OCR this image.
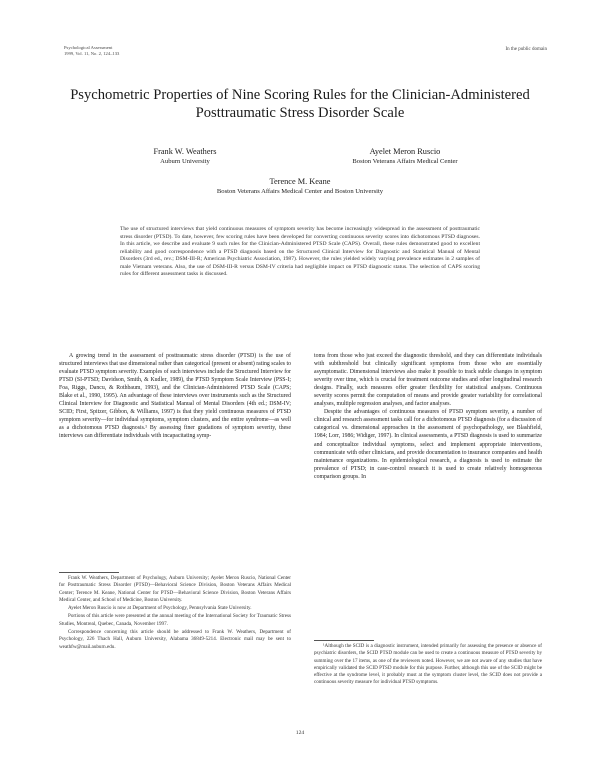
Psychological Assessment
1999, Vol. 11, No. 2, 124–133
In the public domain
Psychometric Properties of Nine Scoring Rules for the Clinician-Administered Posttraumatic Stress Disorder Scale
Frank W. Weathers
Auburn University
Ayelet Meron Ruscio
Boston Veterans Affairs Medical Center
Terence M. Keane
Boston Veterans Affairs Medical Center and Boston University
The use of structured interviews that yield continuous measures of symptom severity has become increasingly widespread in the assessment of posttraumatic stress disorder (PTSD). To date, however, few scoring rules have been developed for converting continuous severity scores into dichotomous PTSD diagnoses. In this article, we describe and evaluate 9 such rules for the Clinician-Administered PTSD Scale (CAPS). Overall, these rules demonstrated good to excellent reliability and good correspondence with a PTSD diagnosis based on the Structured Clinical Interview for Diagnostic and Statistical Manual of Mental Disorders (3rd ed., rev.; DSM-III-R; American Psychiatric Association, 1987). However, the rules yielded widely varying prevalence estimates in 2 samples of male Vietnam veterans. Also, the use of DSM-III-R versus DSM-IV criteria had negligible impact on PTSD diagnostic status. The selection of CAPS scoring rules for different assessment tasks is discussed.

A growing trend in the assessment of posttraumatic stress disorder (PTSD) is the use of structured interviews that use dimensional rather than categorical (present or absent) rating scales to evaluate PTSD symptom severity. Examples of such interviews include the Structured Interview for PTSD (SI-PTSD; Davidson, Smith, & Kudler, 1989), the PTSD Symptom Scale Interview (PSS-I; Foa, Riggs, Dancu, & Rothbaum, 1993), and the Clinician-Administered PTSD Scale (CAPS; Blake et al., 1990, 1995). An advantage of these interviews over instruments such as the Structured Clinical Interview for Diagnostic and Statistical Manual of Mental Disorders (4th ed.; DSM-IV; SCID; First, Spitzer, Gibbon, & Williams, 1997) is that they yield continuous measures of PTSD symptom severity—for individual symptoms, symptom clusters, and the entire syndrome—as well as a dichotomous PTSD diagnosis.¹ By assessing finer gradations of symptom severity, these interviews can differentiate individuals with incapacitating symp-

toms from those who just exceed the diagnostic threshold, and they can differentiate individuals with subthreshold but clinically significant symptoms from those who are essentially asymptomatic. Dimensional interviews also make it possible to track subtle changes in symptom severity over time, which is crucial for treatment outcome studies and other longitudinal research designs. Finally, such measures offer greater flexibility for statistical analyses. Continuous severity scores permit the computation of means and provide greater variability for correlational analyses, multiple regression analyses, and factor analyses.

Despite the advantages of continuous measures of PTSD symptom severity, a number of clinical and research assessment tasks call for a dichotomous PTSD diagnosis (for a discussion of categorical vs. dimensional approaches in the assessment of psychopathology, see Blashfield, 1984; Lorr, 1986; Widiger, 1997). In clinical assessments, a PTSD diagnosis is used to summarize and conceptualize individual symptoms, select and implement appropriate interventions, communicate with other clinicians, and provide documentation to insurance companies and health maintenance organizations. In epidemiological research, a diagnosis is used to estimate the prevalence of PTSD; in case-control research it is used to create relatively homogeneous comparison groups. In

Frank W. Weathers, Department of Psychology, Auburn University; Ayelet Meron Ruscio, National Center for Posttraumatic Stress Disorder (PTSD)—Behavioral Science Division, Boston Veterans Affairs Medical Center; Terence M. Keane, National Center for PTSD—Behavioral Science Division, Boston Veterans Affairs Medical Center, and School of Medicine, Boston University.

Ayelet Meron Ruscio is now at Department of Psychology, Pennsylvania State University.

Portions of this article were presented at the annual meeting of the International Society for Traumatic Stress Studies, Montreal, Quebec, Canada, November 1997.

Correspondence concerning this article should be addressed to Frank W. Weathers, Department of Psychology, 226 Thach Hall, Auburn University, Alabama 36849-5214. Electronic mail may be sent to weathfw@mail.auburn.edu.	¹Although the SCID is a diagnostic instrument, intended primarily for assessing the presence or absence of psychiatric disorders, the SCID PTSD module can be used to create a continuous measure of PTSD severity by summing over the 17 items, as one of the reviewers noted. However, we are not aware of any studies that have empirically validated the SCID PTSD module for this purpose. Further, although this use of the SCID might be effective at the syndrome level, it probably must at the symptom cluster level, the SCID does not provide a continuous severity measure for individual PTSD symptoms.

124
